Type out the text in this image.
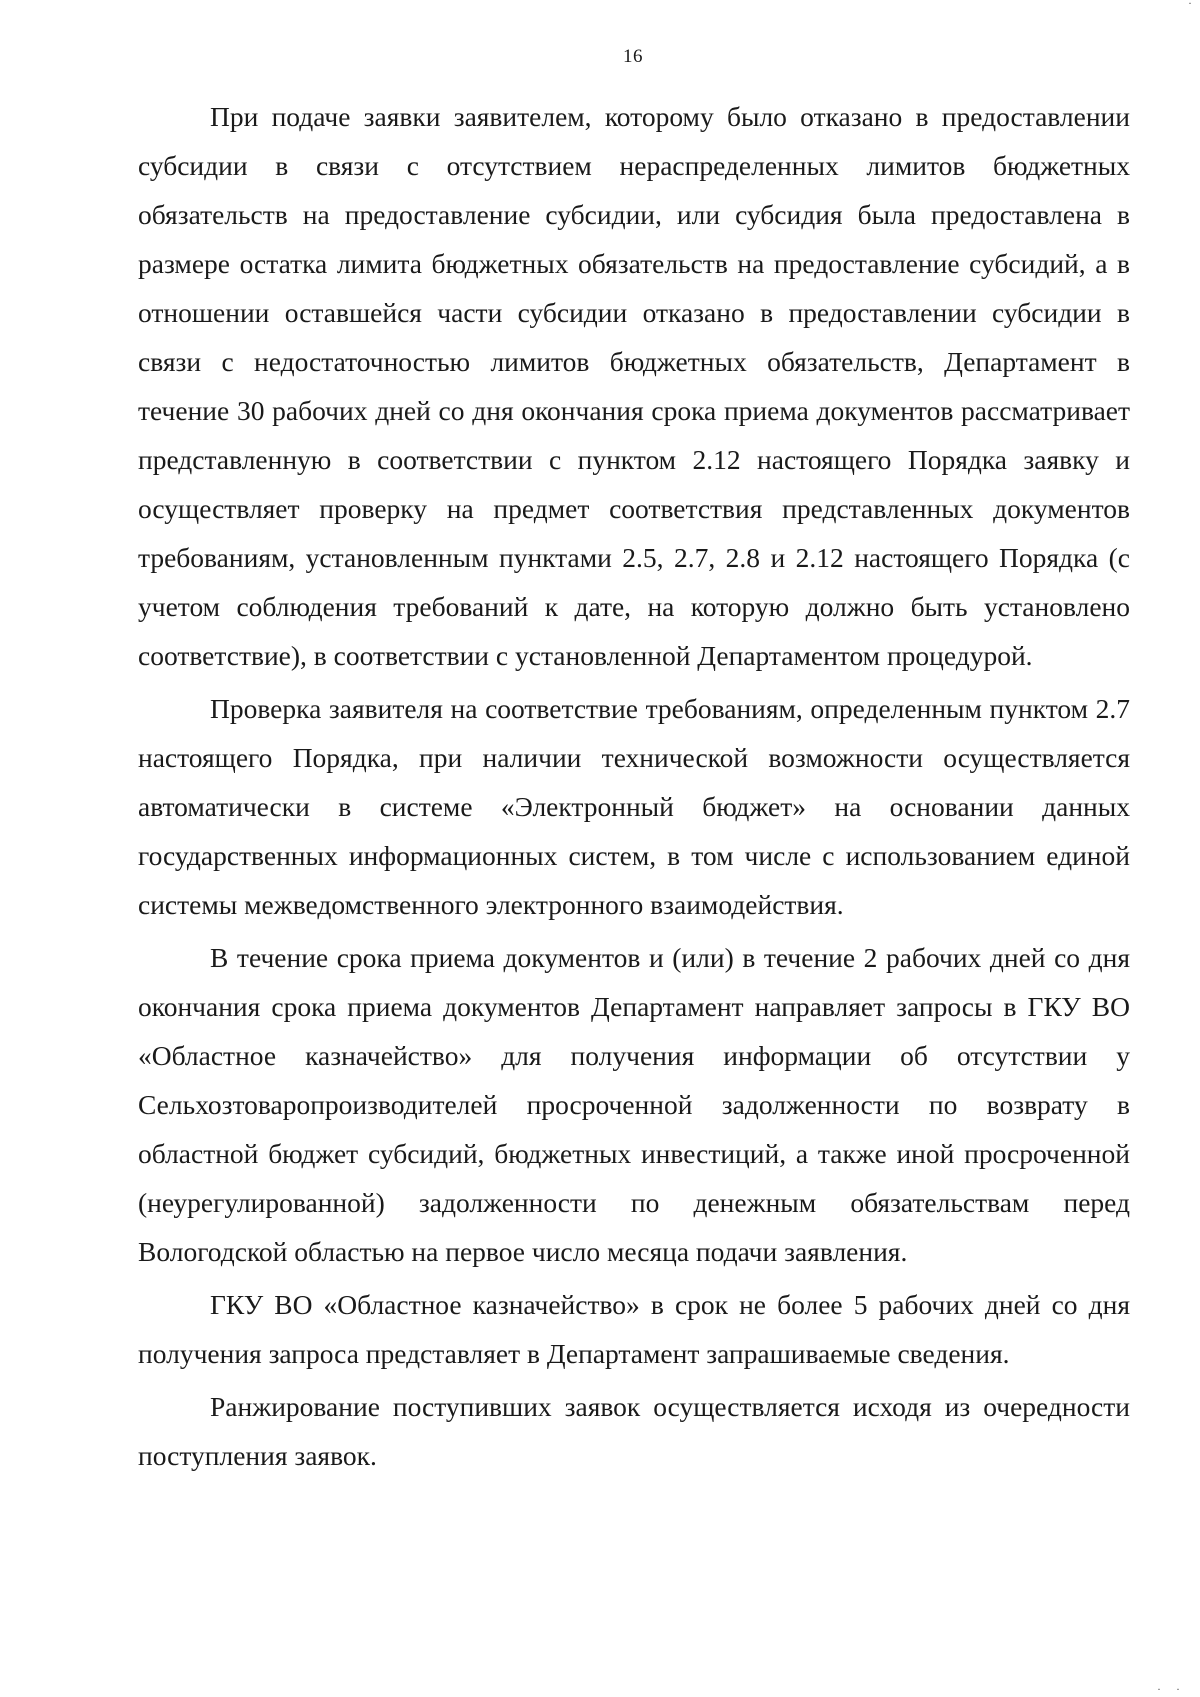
16

При подаче заявки заявителем, которому было отказано в предоставлении субсидии в связи с отсутствием нераспределенных лимитов бюджетных обязательств на предоставление субсидии, или субсидия была предоставлена в размере остатка лимита бюджетных обязательств на предоставление субсидий, а в отношении оставшейся части субсидии отказано в предоставлении субсидии в связи с недостаточностью лимитов бюджетных обязательств, Департамент в течение 30 рабочих дней со дня окончания срока приема документов рассматривает представленную в соответствии с пунктом 2.12 настоящего Порядка заявку и осуществляет проверку на предмет соответствия представленных документов требованиям, установленным пунктами 2.5, 2.7, 2.8 и 2.12 настоящего Порядка (с учетом соблюдения требований к дате, на которую должно быть установлено соответствие), в соответствии с установленной Департаментом процедурой.

Проверка заявителя на соответствие требованиям, определенным пунктом 2.7 настоящего Порядка, при наличии технической возможности осуществляется автоматически в системе «Электронный бюджет» на основании данных государственных информационных систем, в том числе с использованием единой системы межведомственного электронного взаимодействия.

В течение срока приема документов и (или) в течение 2 рабочих дней со дня окончания срока приема документов Департамент направляет запросы в ГКУ ВО «Областное казначейство» для получения информации об отсутствии у Сельхозтоваропроизводителей просроченной задолженности по возврату в областной бюджет субсидий, бюджетных инвестиций, а также иной просроченной (неурегулированной) задолженности по денежным обязательствам перед Вологодской областью на первое число месяца подачи заявления.

ГКУ ВО «Областное казначейство» в срок не более 5 рабочих дней со дня получения запроса представляет в Департамент запрашиваемые сведения.

Ранжирование поступивших заявок осуществляется исходя из очередности поступления заявок.

·
· ·
